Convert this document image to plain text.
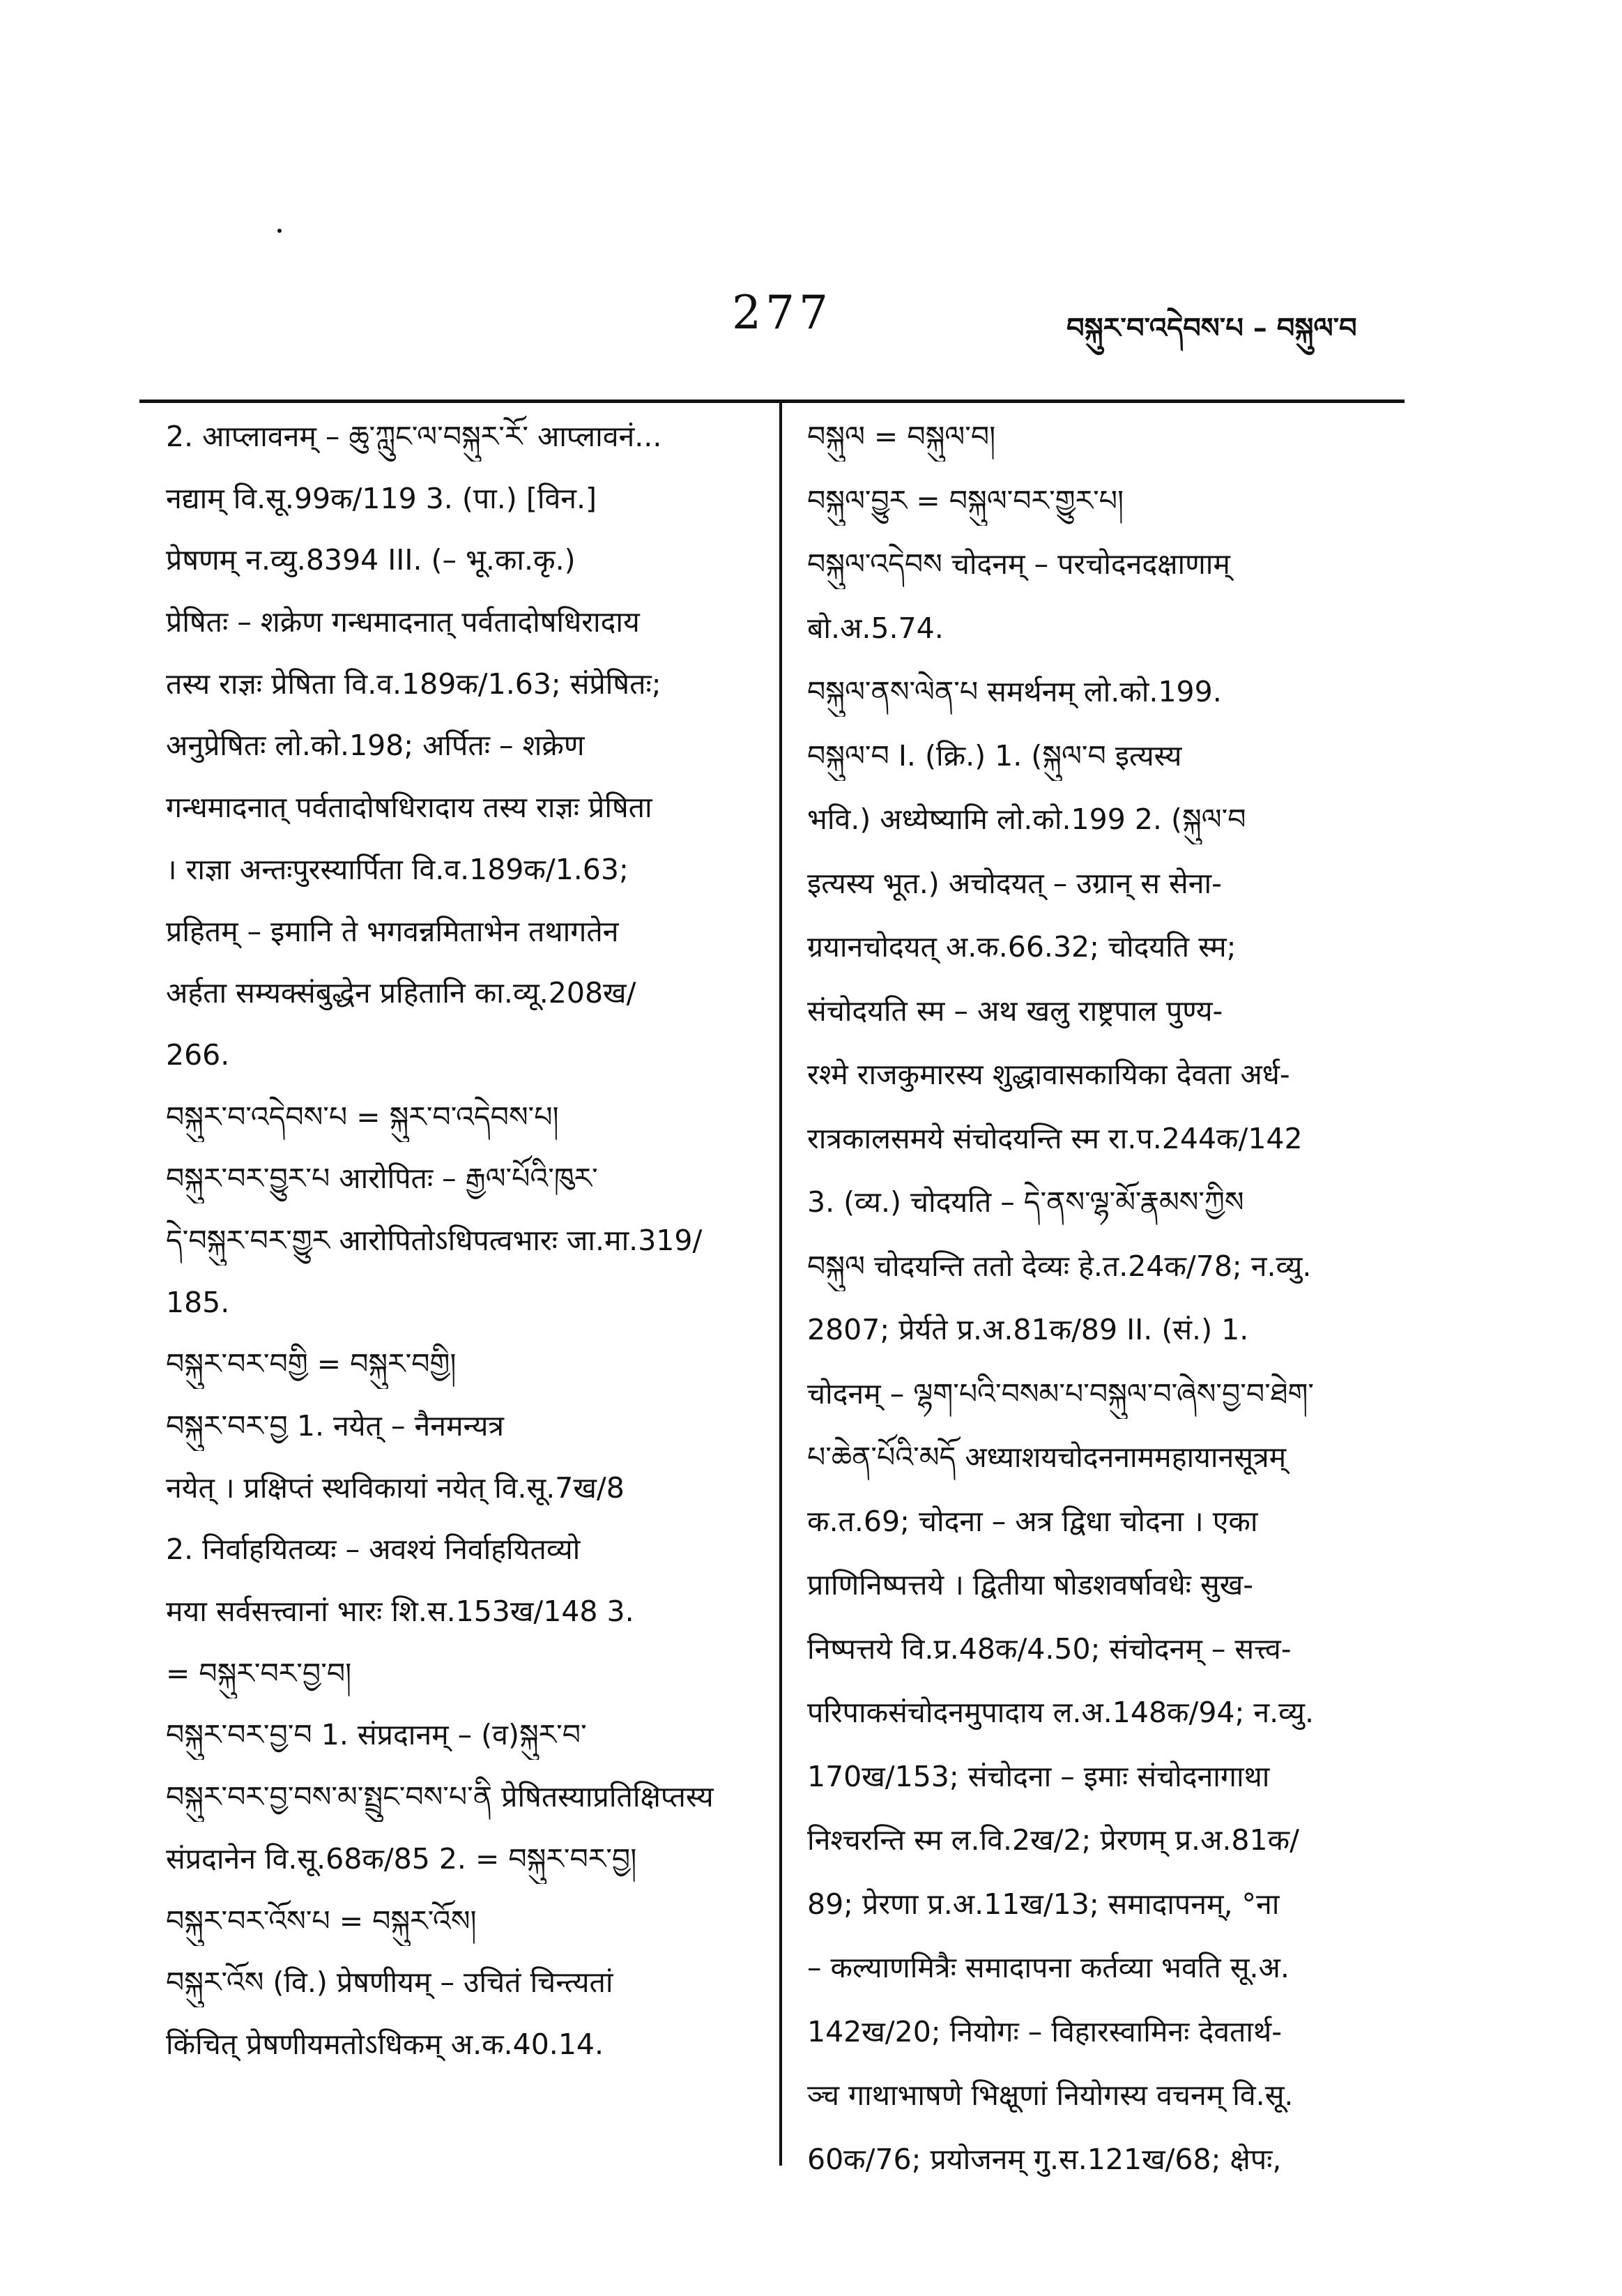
277	བསྐུར་བ་འདེབས་པ – བསྐུལ་བ
2. आप्लावनम् – ཆུ་ཀླུང་ལ་བསྐུར་རོ་ आप्लावनं...
नद्याम् वि.सू.99क/119 3. (पा.) [विन.]
प्रेषणम् न.व्यु.8394 III. (– भू.का.कृ.)
प्रेषितः – शक्रेण गन्धमादनात् पर्वतादोषधिरादाय
तस्य राज्ञः प्रेषिता वि.व.189क/1.63; संप्रेषितः;
अनुप्रेषितः लो.को.198; अर्पितः – शक्रेण
गन्धमादनात् पर्वतादोषधिरादाय तस्य राज्ञः प्रेषिता
। राज्ञा अन्तःपुरस्यार्पिता वि.व.189क/1.63;
प्रहितम् – इमानि ते भगवन्नमिताभेन तथागतेन
अर्हता सम्यक्संबुद्धेन प्रहितानि का.व्यू.208ख/
266.
བསྐུར་བ་འདེབས་པ = སྐུར་བ་འདེབས་པ།
བསྐུར་བར་བྱུར་པ आरोपितः – རྒྱལ་པོའི་ཁུར་
དེ་བསྐུར་བར་གྱུར आरोपितोऽधिपत्वभारः जा.मा.319/
185.
བསྐུར་བར་བགྱི = བསྐུར་བགྱི།
བསྐུར་བར་བྱ 1. नयेत् – नैनमन्यत्र
नयेत् । प्रक्षिप्तं स्थविकायां नयेत् वि.सू.7ख/8
2. निर्वाहयितव्यः – अवश्यं निर्वाहयितव्यो
मया सर्वसत्त्वानां भारः शि.स.153ख/148 3.
= བསྐུར་བར་བྱ་བ།
བསྐུར་བར་བྱ་བ 1. संप्रदानम् – (व)སྐུར་བ་
བསྐུར་བར་བྱ་བས་མ་སྤྲུང་བས་པ་ནི प्रेषितस्याप्रतिक्षिप्तस्य
संप्रदानेन वि.सू.68क/85 2. = བསྐུར་བར་བྱ།
བསྐུར་བར་འོས་པ = བསྐུར་འོས།
བསྐུར་འོས (वि.) प्रेषणीयम् – उचितं चिन्त्यतां
किंचित् प्रेषणीयमतोऽधिकम् अ.क.40.14.
བསྐུལ = བསྐུལ་བ།
བསྐུལ་བྱུར = བསྐུལ་བར་གྱུར་པ།
བསྐུལ་འདེབས चोदनम् – परचोदनदक्षाणाम्
बो.अ.5.74.
བསྐུལ་ནས་ལེན་པ समर्थनम् लो.को.199.
བསྐུལ་བ I. (क्रि.) 1. (སྐུལ་བ इत्यस्य
भवि.) अध्येष्यामि लो.को.199 2. (སྐུལ་བ
इत्यस्य भूत.) अचोदयत् – उग्रान् स सेना-
ग्रयानचोदयत् अ.क.66.32; चोदयति स्म;
संचोदयति स्म – अथ खलु राष्ट्रपाल पुण्य-
रश्मे राजकुमारस्य शुद्धावासकायिका देवता अर्ध-
रात्रकालसमये संचोदयन्ति स्म रा.प.244क/142
3. (व्य.) चोदयति – དེ་ནས་ལྷ་མོ་རྣམས་ཀྱིས
བསྐུལ चोदयन्ति ततो देव्यः हे.त.24क/78; न.व्यु.
2807; प्रेर्यते प्र.अ.81क/89 II. (सं.) 1.
चोदनम् – ལྷག་པའི་བསམ་པ་བསྐུལ་བ་ཞེས་བྱ་བ་ཐེག་
པ་ཆེན་པོའི་མདོ अध्याशयचोदननाममहायानसूत्रम्
क.त.69; चोदना – अत्र द्विधा चोदना । एका
प्राणिनिष्पत्तये । द्वितीया षोडशवर्षावधेः सुख-
निष्पत्तये वि.प्र.48क/4.50; संचोदनम् – सत्त्व-
परिपाकसंचोदनमुपादाय ल.अ.148क/94; न.व्यु.
170ख/153; संचोदना – इमाः संचोदनागाथा
निश्चरन्ति स्म ल.वि.2ख/2; प्रेरणम् प्र.अ.81क/
89; प्रेरणा प्र.अ.11ख/13; समादापनम्, °ना
– कल्याणमित्रैः समादापना कर्तव्या भवति सू.अ.
142ख/20; नियोगः – विहारस्वामिनः देवतार्थ-
ञ्च गाथाभाषणे भिक्षूणां नियोगस्य वचनम् वि.सू.
60क/76; प्रयोजनम् गु.स.121ख/68; क्षेपः,
